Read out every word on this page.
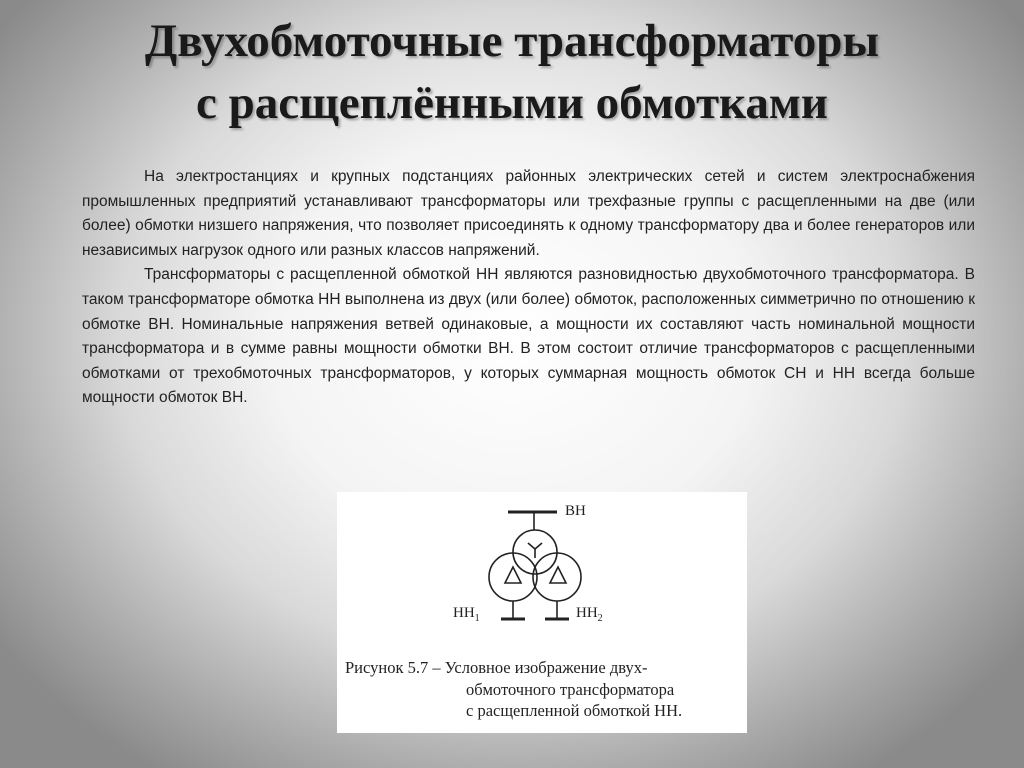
Двухобмоточные трансформаторы
с расщеплёнными обмотками

На электростанциях и крупных подстанциях районных электрических сетей и систем электроснабжения промышленных предприятий устанавливают трансформаторы или трехфазные группы с расщепленными на две (или более) обмотки низшего напряжения, что позволяет присоединять к одному трансформатору два и более генераторов или независимых нагрузок одного или разных классов напряжений.

Трансформаторы с расщепленной обмоткой НН являются разновидностью двухобмоточного трансформатора. В таком трансформаторе обмотка НН выполнена из двух (или более) обмоток, расположенных симметрично по отношению к обмотке ВН. Номинальные напряжения ветвей одинаковые, а мощности их составляют часть номинальной мощности трансформатора и в сумме равны мощности обмотки ВН. В этом состоит отличие трансформаторов с расщепленными обмотками от трехобмоточных трансформаторов, у которых суммарная мощность обмоток СН и НН всегда больше мощности обмоток ВН.

ВН
$НН_1$	$НН_2$
Рисунок 5.7 – Условное изображение двух-
обмоточного трансформатора
с расщепленной обмоткой НН.
